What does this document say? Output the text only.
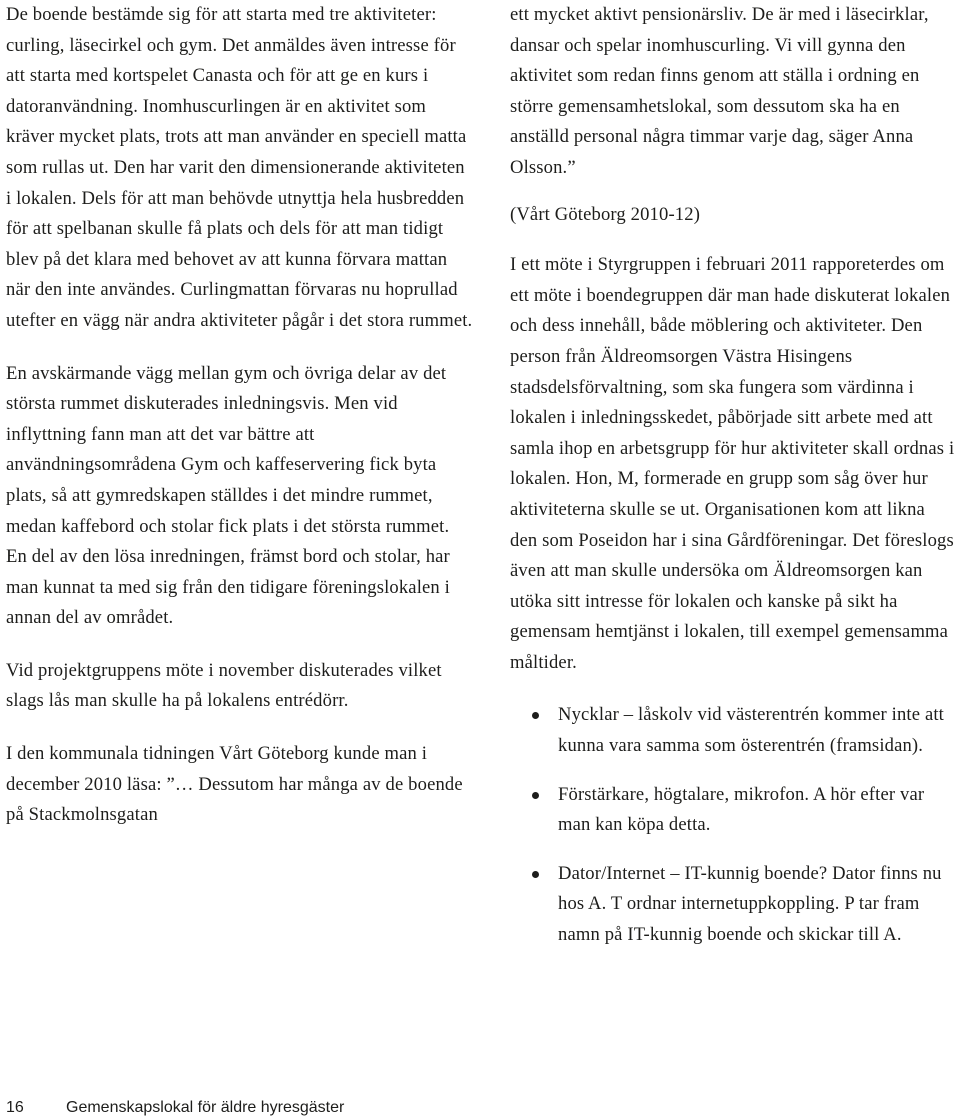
De boende bestämde sig för att starta med tre aktiviteter: curling, läsecirkel och gym. Det anmäldes även intresse för att starta med kortspelet Canasta och för att ge en kurs i datoranvändning. Inomhuscurlingen är en aktivitet som kräver mycket plats, trots att man använder en speciell matta som rullas ut. Den har varit den dimensionerande aktiviteten i lokalen. Dels för att man behövde utnyttja hela husbredden för att spelbanan skulle få plats och dels för att man tidigt blev på det klara med behovet av att kunna förvara mattan när den inte användes. Curlingmattan förvaras nu hoprullad utefter en vägg när andra aktiviteter pågår i det stora rummet.

En avskärmande vägg mellan gym och övriga delar av det största rummet diskuterades inledningsvis. Men vid inflyttning fann man att det var bättre att användningsområdena Gym och kaffeservering fick byta plats, så att gymredskapen ställdes i det mindre rummet, medan kaffebord och stolar fick plats i det största rummet. En del av den lösa inredningen, främst bord och stolar, har man kunnat ta med sig från den tidigare föreningslokalen i annan del av området.

Vid projektgruppens möte i november diskuterades vilket slags lås man skulle ha på lokalens entrédörr.

I den kommunala tidningen Vårt Göteborg kunde man i december 2010 läsa: ”… Dessutom har många av de boende på Stackmolnsgatan

ett mycket aktivt pensionärsliv. De är med i läsecirklar, dansar och spelar inomhuscurling. Vi vill gynna den aktivitet som redan finns genom att ställa i ordning en större gemensamhetslokal, som dessutom ska ha en anställd personal några timmar varje dag, säger Anna Olsson.”

(Vårt Göteborg 2010-12)

I ett möte i Styrgruppen i februari 2011 rapporeterdes om ett möte i boendegruppen där man hade diskuterat lokalen och dess innehåll, både möblering och aktiviteter. Den person från Äldreomsorgen Västra Hisingens stadsdelsförvaltning, som ska fungera som värdinna i lokalen i inledningsskedet, påbörjade sitt arbete med att samla ihop en arbetsgrupp för hur aktiviteter skall ordnas i lokalen. Hon, M, formerade en grupp som såg över hur aktiviteterna skulle se ut. Organisationen kom att likna den som Poseidon har i sina Gårdföreningar. Det föreslogs även att man skulle undersöka om Äldreomsorgen kan utöka sitt intresse för lokalen och kanske på sikt ha gemensam hemtjänst i lokalen, till exempel gemensamma måltider.

Nycklar – låskolv vid västerentrén kommer inte att kunna vara samma som österentrén (framsidan).
Förstärkare, högtalare, mikrofon. A hör efter var man kan köpa detta.
Dator/Internet – IT-kunnig boende? Dator finns nu hos A. T ordnar internetuppkoppling. P tar fram namn på IT-kunnig boende och skickar till A.
16	Gemenskapslokal för äldre hyresgäster
